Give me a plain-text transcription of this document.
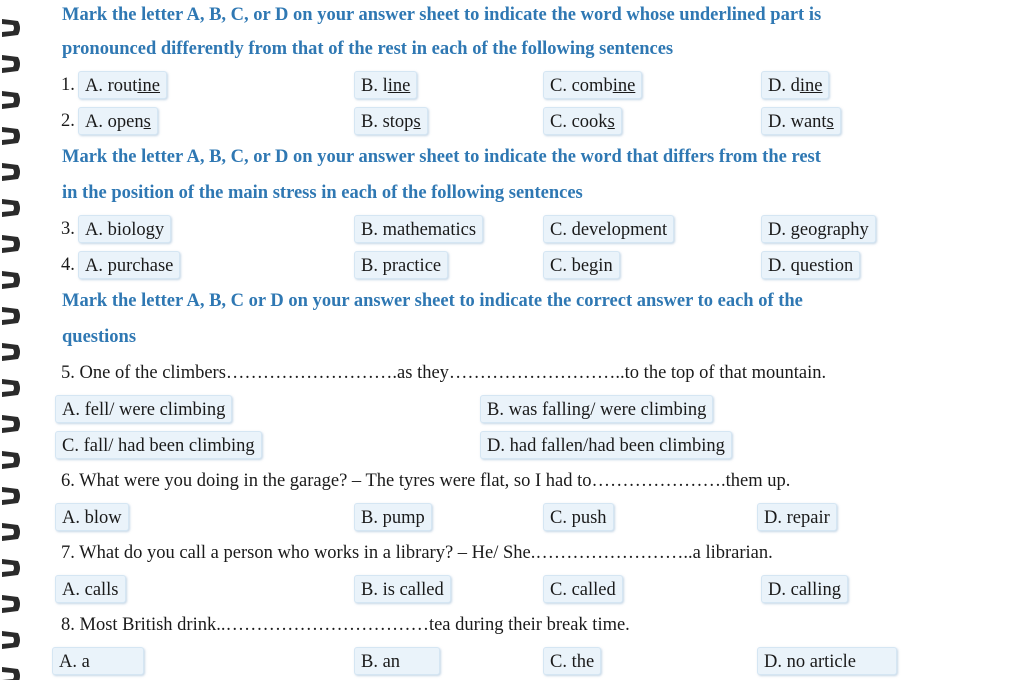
Mark the letter A, B, C, or D on your answer sheet to indicate the word whose underlined part is
pronounced differently from that of the rest in each of the following sentences
1. A. routine	B. line	C. combine	D. dine
2. A. opens	B. stops	C. cooks	D. wants
Mark the letter A, B, C, or D on your answer sheet to indicate the word that differs from the rest
in the position of the main stress in each of the following sentences
3. A. biology	B. mathematics	C. development	D. geography
4. A. purchase	B. practice	C. begin	D. question
Mark the letter A, B, C or D on your answer sheet to indicate the correct answer to each of the
questions
5. One of the climbers……………………….as they………………………..to the top of that mountain.
A. fell/ were climbing	B. was falling/ were climbing
C. fall/ had been climbing	D. had fallen/had been climbing
6. What were you doing in the garage? – The tyres were flat, so I had to………………….them up.
A. blow	B. pump	C. push	D. repair
7. What do you call a person who works in a library? – He/ She.……………………..a librarian.
A. calls	B. is called	C. called	D. calling
8. Most British drink..……………………………tea during their break time.
A. a	B. an	C. the	D. no article
